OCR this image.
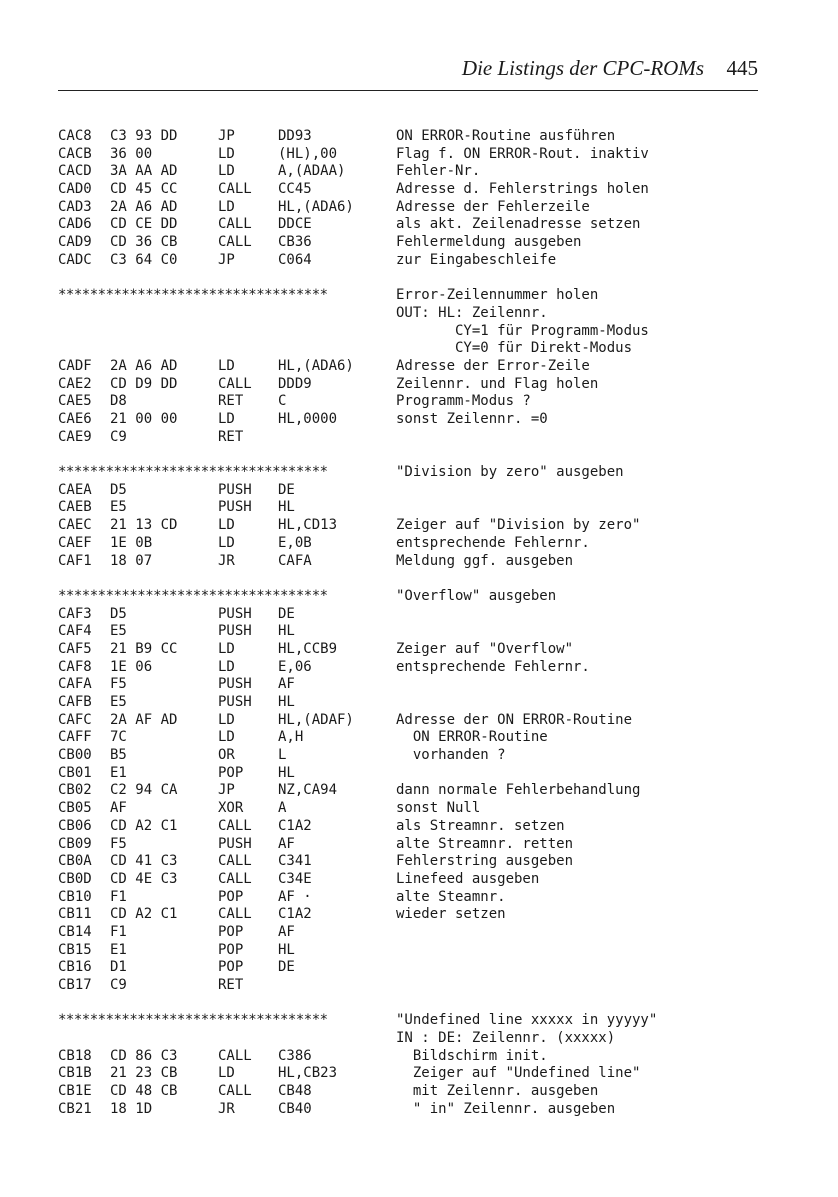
Die Listings der CPC-ROMs 445
CAC8 C3 93 DD	JP	DD93	ON ERROR-Routine ausführen
CACB 36 00	LD	(HL),00	Flag f. ON ERROR-Rout. inaktiv
CACD 3A AA AD	LD	A,(ADAA)	Fehler-Nr.
CAD0 CD 45 CC	CALL CC45	Adresse d. Fehlerstrings holen
CAD3 2A A6 AD	LD	HL,(ADA6)	Adresse der Fehlerzeile
CAD6 CD CE DD	CALL DDCE	als akt. Zeilenadresse setzen
CAD9 CD 36 CB	CALL CB36	Fehlermeldung ausgeben
CADC C3 64 C0	JP	C064	zur Eingabeschleife
**********************************	Error-Zeilennummer holen
OUT: HL: Zeilennr.
CY=1 für Programm-Modus
CY=0 für Direkt-Modus
CADF 2A A6 AD	LD	HL,(ADA6)	Adresse der Error-Zeile
CAE2 CD D9 DD	CALL DDD9	Zeilennr. und Flag holen
CAE5 D8	RET C	Programm-Modus ?
CAE6 21 00 00	LD	HL,0000	sonst Zeilennr. =0
CAE9 C9	RET
**********************************	"Division by zero" ausgeben
CAEA D5	PUSH DE
CAEB E5	PUSH HL
CAEC 21 13 CD	LD	HL,CD13	Zeiger auf "Division by zero"
CAEF 1E 0B	LD	E,0B	entsprechende Fehlernr.
CAF1 18 07	JR	CAFA	Meldung ggf. ausgeben
**********************************	"Overflow" ausgeben
CAF3 D5	PUSH DE
CAF4 E5	PUSH HL
CAF5 21 B9 CC	LD	HL,CCB9	Zeiger auf "Overflow"
CAF8 1E 06	LD	E,06	entsprechende Fehlernr.
CAFA F5	PUSH AF
CAFB E5	PUSH HL
CAFC 2A AF AD	LD	HL,(ADAF)	Adresse der ON ERROR-Routine
CAFF 7C	LD	A,H	ON ERROR-Routine
CB00 B5	OR	L	vorhanden ?
CB01 E1	POP HL
CB02 C2 94 CA	JP	NZ,CA94	dann normale Fehlerbehandlung
CB05 AF	XOR A	sonst Null
CB06 CD A2 C1	CALL C1A2	als Streamnr. setzen
CB09 F5	PUSH AF	alte Streamnr. retten
CB0A CD 41 C3	CALL C341	Fehlerstring ausgeben
CB0D CD 4E C3	CALL C34E	Linefeed ausgeben
CB10 F1	POP AF ·	alte Steamnr.
CB11 CD A2 C1	CALL C1A2	wieder setzen
CB14 F1	POP AF
CB15 E1	POP HL
CB16 D1	POP DE
CB17 C9	RET
**********************************	"Undefined line xxxxx in yyyyy"
IN : DE: Zeilennr. (xxxxx)
CB18 CD 86 C3	CALL C386	Bildschirm init.
CB1B 21 23 CB	LD	HL,CB23	Zeiger auf "Undefined line"
CB1E CD 48 CB	CALL CB48	mit Zeilennr. ausgeben
CB21 18 1D	JR	CB40	" in" Zeilennr. ausgeben
